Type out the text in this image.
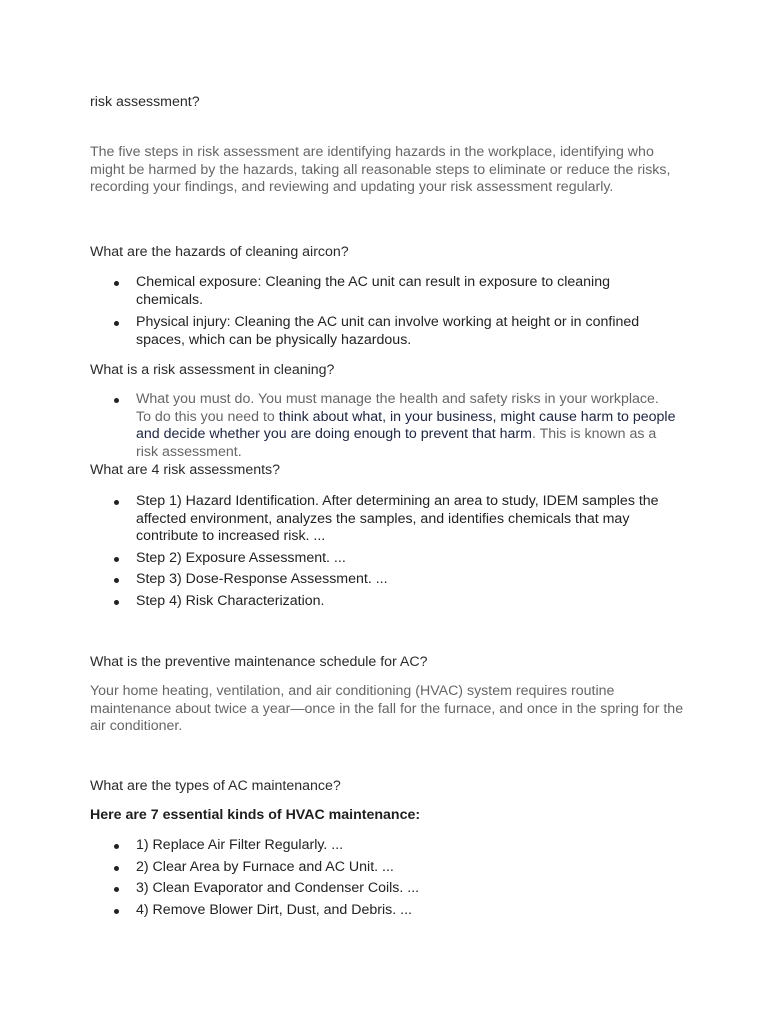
risk assessment?

The five steps in risk assessment are identifying hazards in the workplace, identifying who might be harmed by the hazards, taking all reasonable steps to eliminate or reduce the risks, recording your findings, and reviewing and updating your risk assessment regularly.

What are the hazards of cleaning aircon?

Chemical exposure: Cleaning the AC unit can result in exposure to cleaning chemicals.
Physical injury: Cleaning the AC unit can involve working at height or in confined spaces, which can be physically hazardous.

What is a risk assessment in cleaning?

What you must do. You must manage the health and safety risks in your workplace. To do this you need to think about what, in your business, might cause harm to people and decide whether you are doing enough to prevent that harm. This is known as a risk assessment.

What are 4 risk assessments?

Step 1) Hazard Identification. After determining an area to study, IDEM samples the affected environment, analyzes the samples, and identifies chemicals that may contribute to increased risk. ...
Step 2) Exposure Assessment. ...
Step 3) Dose-Response Assessment. ...
Step 4) Risk Characterization.

What is the preventive maintenance schedule for AC?

Your home heating, ventilation, and air conditioning (HVAC) system requires routine maintenance about twice a year—once in the fall for the furnace, and once in the spring for the air conditioner.

What are the types of AC maintenance?

Here are 7 essential kinds of HVAC maintenance:

1) Replace Air Filter Regularly. ...
2) Clear Area by Furnace and AC Unit. ...
3) Clean Evaporator and Condenser Coils. ...
4) Remove Blower Dirt, Dust, and Debris. ...
